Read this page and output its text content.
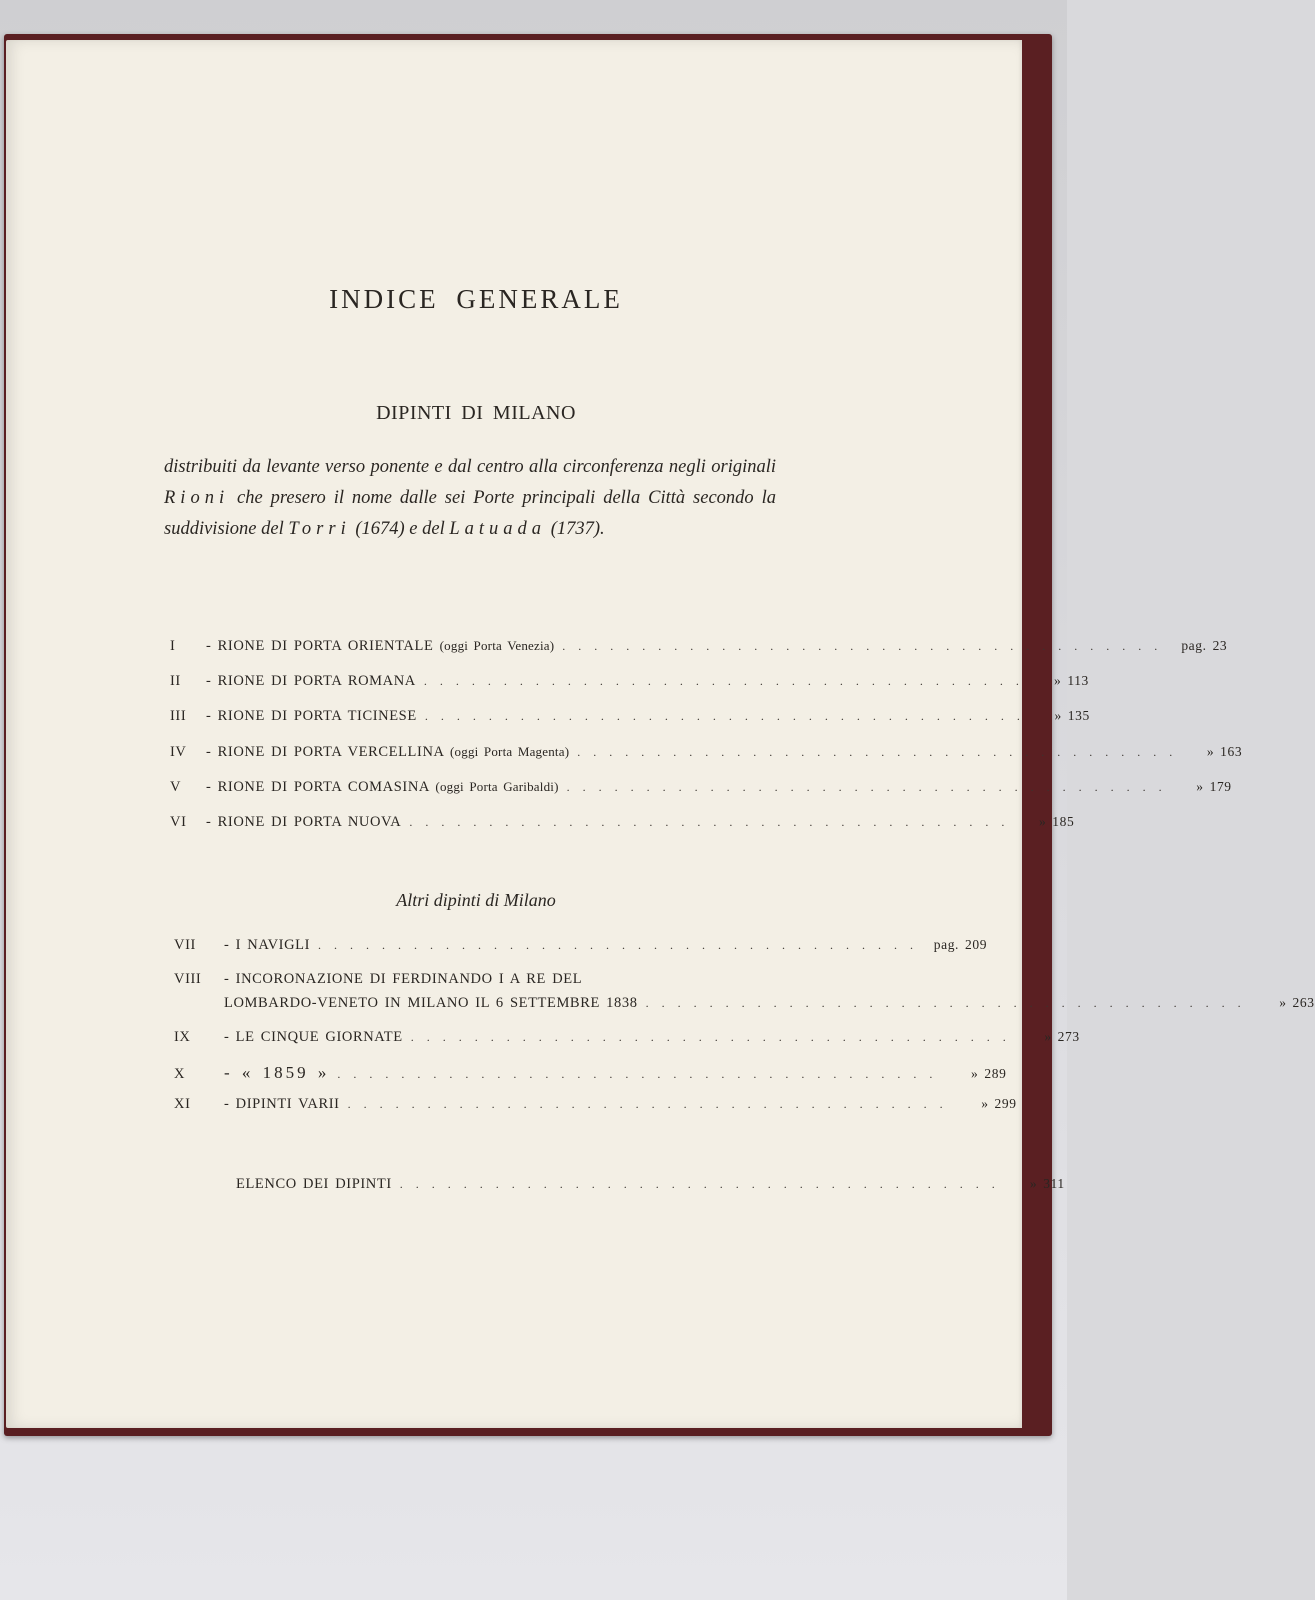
INDICE GENERALE
DIPINTI DI MILANO
distribuiti da levante verso ponente e dal centro alla circonferenza negli originali Rioni che presero il nome dalle sei Porte principali della Città secondo la suddivisione del Torri (1674) e del Latuada (1737).
I	- RIONE DI PORTA ORIENTALE (oggi Porta Venezia) . . . . . . . . . . . . . . . . . . . . . . . . . . . . . . . . . . . . . .	pag. 23
II	- RIONE DI PORTA ROMANA . . . . . . . . . . . . . . . . . . . . . . . . . . . . . . . . . . . . . .	» 113
III	- RIONE DI PORTA TICINESE . . . . . . . . . . . . . . . . . . . . . . . . . . . . . . . . . . . . . .	» 135
IV	- RIONE DI PORTA VERCELLINA (oggi Porta Magenta) . . . . . . . . . . . . . . . . . . . . . . . . . . . . . . . . . . . . . .	» 163
V	- RIONE DI PORTA COMASINA (oggi Porta Garibaldi) . . . . . . . . . . . . . . . . . . . . . . . . . . . . . . . . . . . . . .	» 179
VI	- RIONE DI PORTA NUOVA . . . . . . . . . . . . . . . . . . . . . . . . . . . . . . . . . . . . . .	» 185
Altri dipinti di Milano
VII	- I NAVIGLI . . . . . . . . . . . . . . . . . . . . . . . . . . . . . . . . . . . . . .	pag. 209
VIII	- INCORONAZIONE DI FERDINANDO I A RE DEL
LOMBARDO-VENETO IN MILANO IL 6 SETTEMBRE 1838 . . . . . . . . . . . . . . . . . . . . . . . . . . . . . . . . . . . . . .	» 263
IX	- LE CINQUE GIORNATE . . . . . . . . . . . . . . . . . . . . . . . . . . . . . . . . . . . . . .	» 273
X	- « 1859 » . . . . . . . . . . . . . . . . . . . . . . . . . . . . . . . . . . . . . .	» 289
XI	- DIPINTI VARII . . . . . . . . . . . . . . . . . . . . . . . . . . . . . . . . . . . . . .	» 299
ELENCO DEI DIPINTI . . . . . . . . . . . . . . . . . . . . . . . . . . . . . . . . . . . . . .	» 311
